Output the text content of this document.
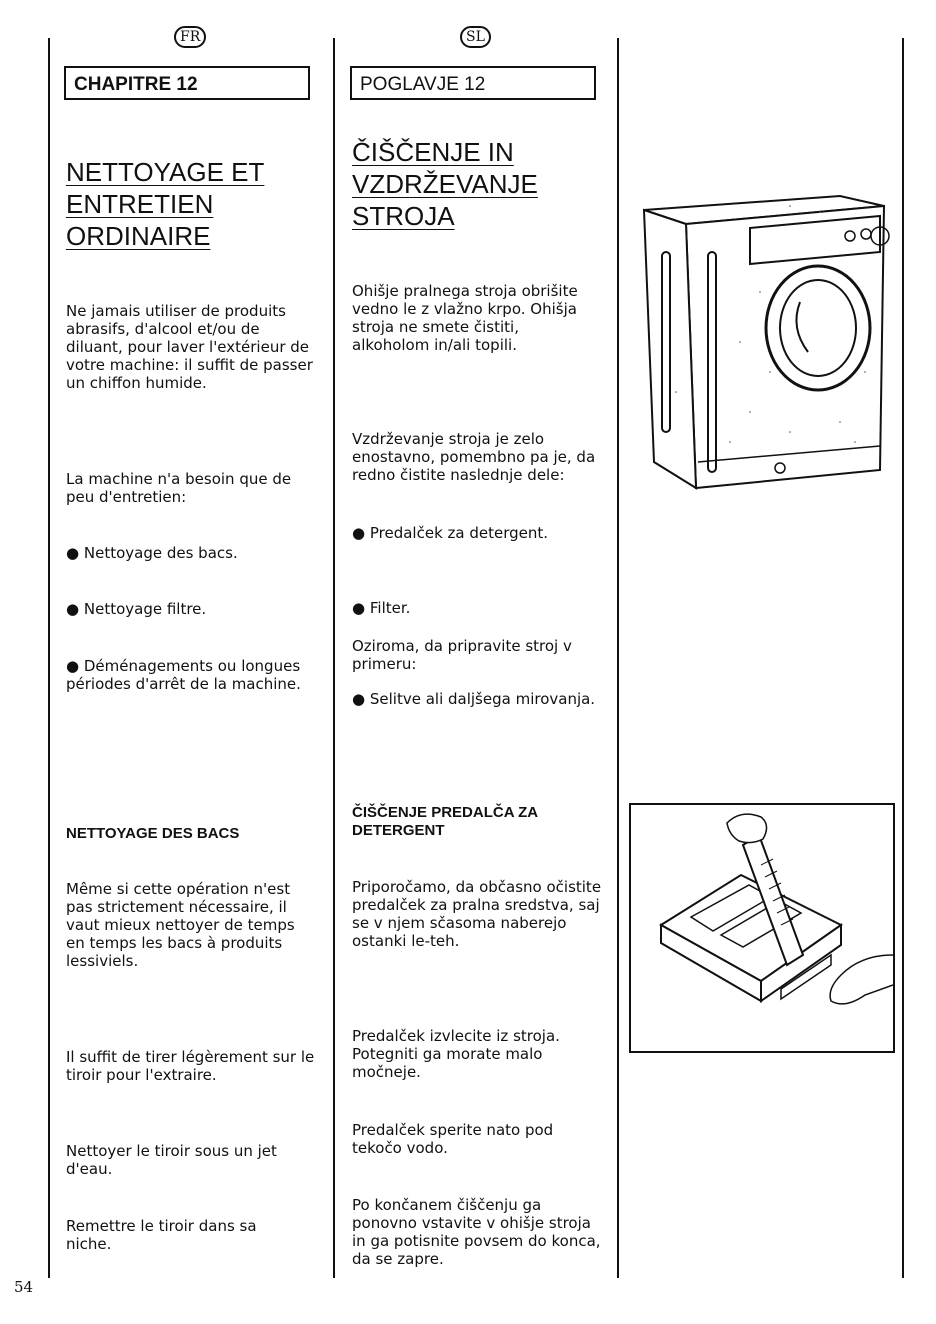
FR
CHAPITRE 12
NETTOYAGE ET
ENTRETIEN
ORDINAIRE

Ne jamais utiliser de produits abrasifs, d'alcool et/ou de diluant, pour laver l'extérieur de votre machine: il suffit de passer un chiffon humide.

La machine n'a besoin que de peu d'entretien:

● Nettoyage des bacs.

● Nettoyage filtre.

● Déménagements ou longues périodes d'arrêt de la machine.

NETTOYAGE DES BACS

Même si cette opération n'est pas strictement nécessaire, il vaut mieux nettoyer de temps en temps les bacs à produits lessiviels.

Il suffit de tirer légèrement sur le tiroir pour l'extraire.

Nettoyer le tiroir sous un jet d'eau.

Remettre le tiroir dans sa niche.

54
SL
POGLAVJE 12
ČIŠČENJE IN
VZDRŽEVANJE
STROJA

Ohišje pralnega stroja obrišite vedno le z vlažno krpo. Ohišja stroja ne smete čistiti, alkoholom in/ali topili.

Vzdrževanje stroja je zelo enostavno, pomembno pa je, da redno čistite naslednje dele:

● Predalček za detergent.

● Filter.

Oziroma, da pripravite stroj v primeru:

● Selitve ali daljšega mirovanja.

ČIŠČENJE PREDALČA ZA DETERGENT

Priporočamo, da občasno očistite predalček za pralna sredstva, saj se v njem sčasoma naberejo ostanki le-teh.

Predalček izvlecite iz stroja. Potegniti ga morate malo močneje.

Predalček sperite nato pod tekočo vodo.

Po končanem čiščenju ga ponovno vstavite v ohišje stroja in ga potisnite povsem do konca, da se zapre.
